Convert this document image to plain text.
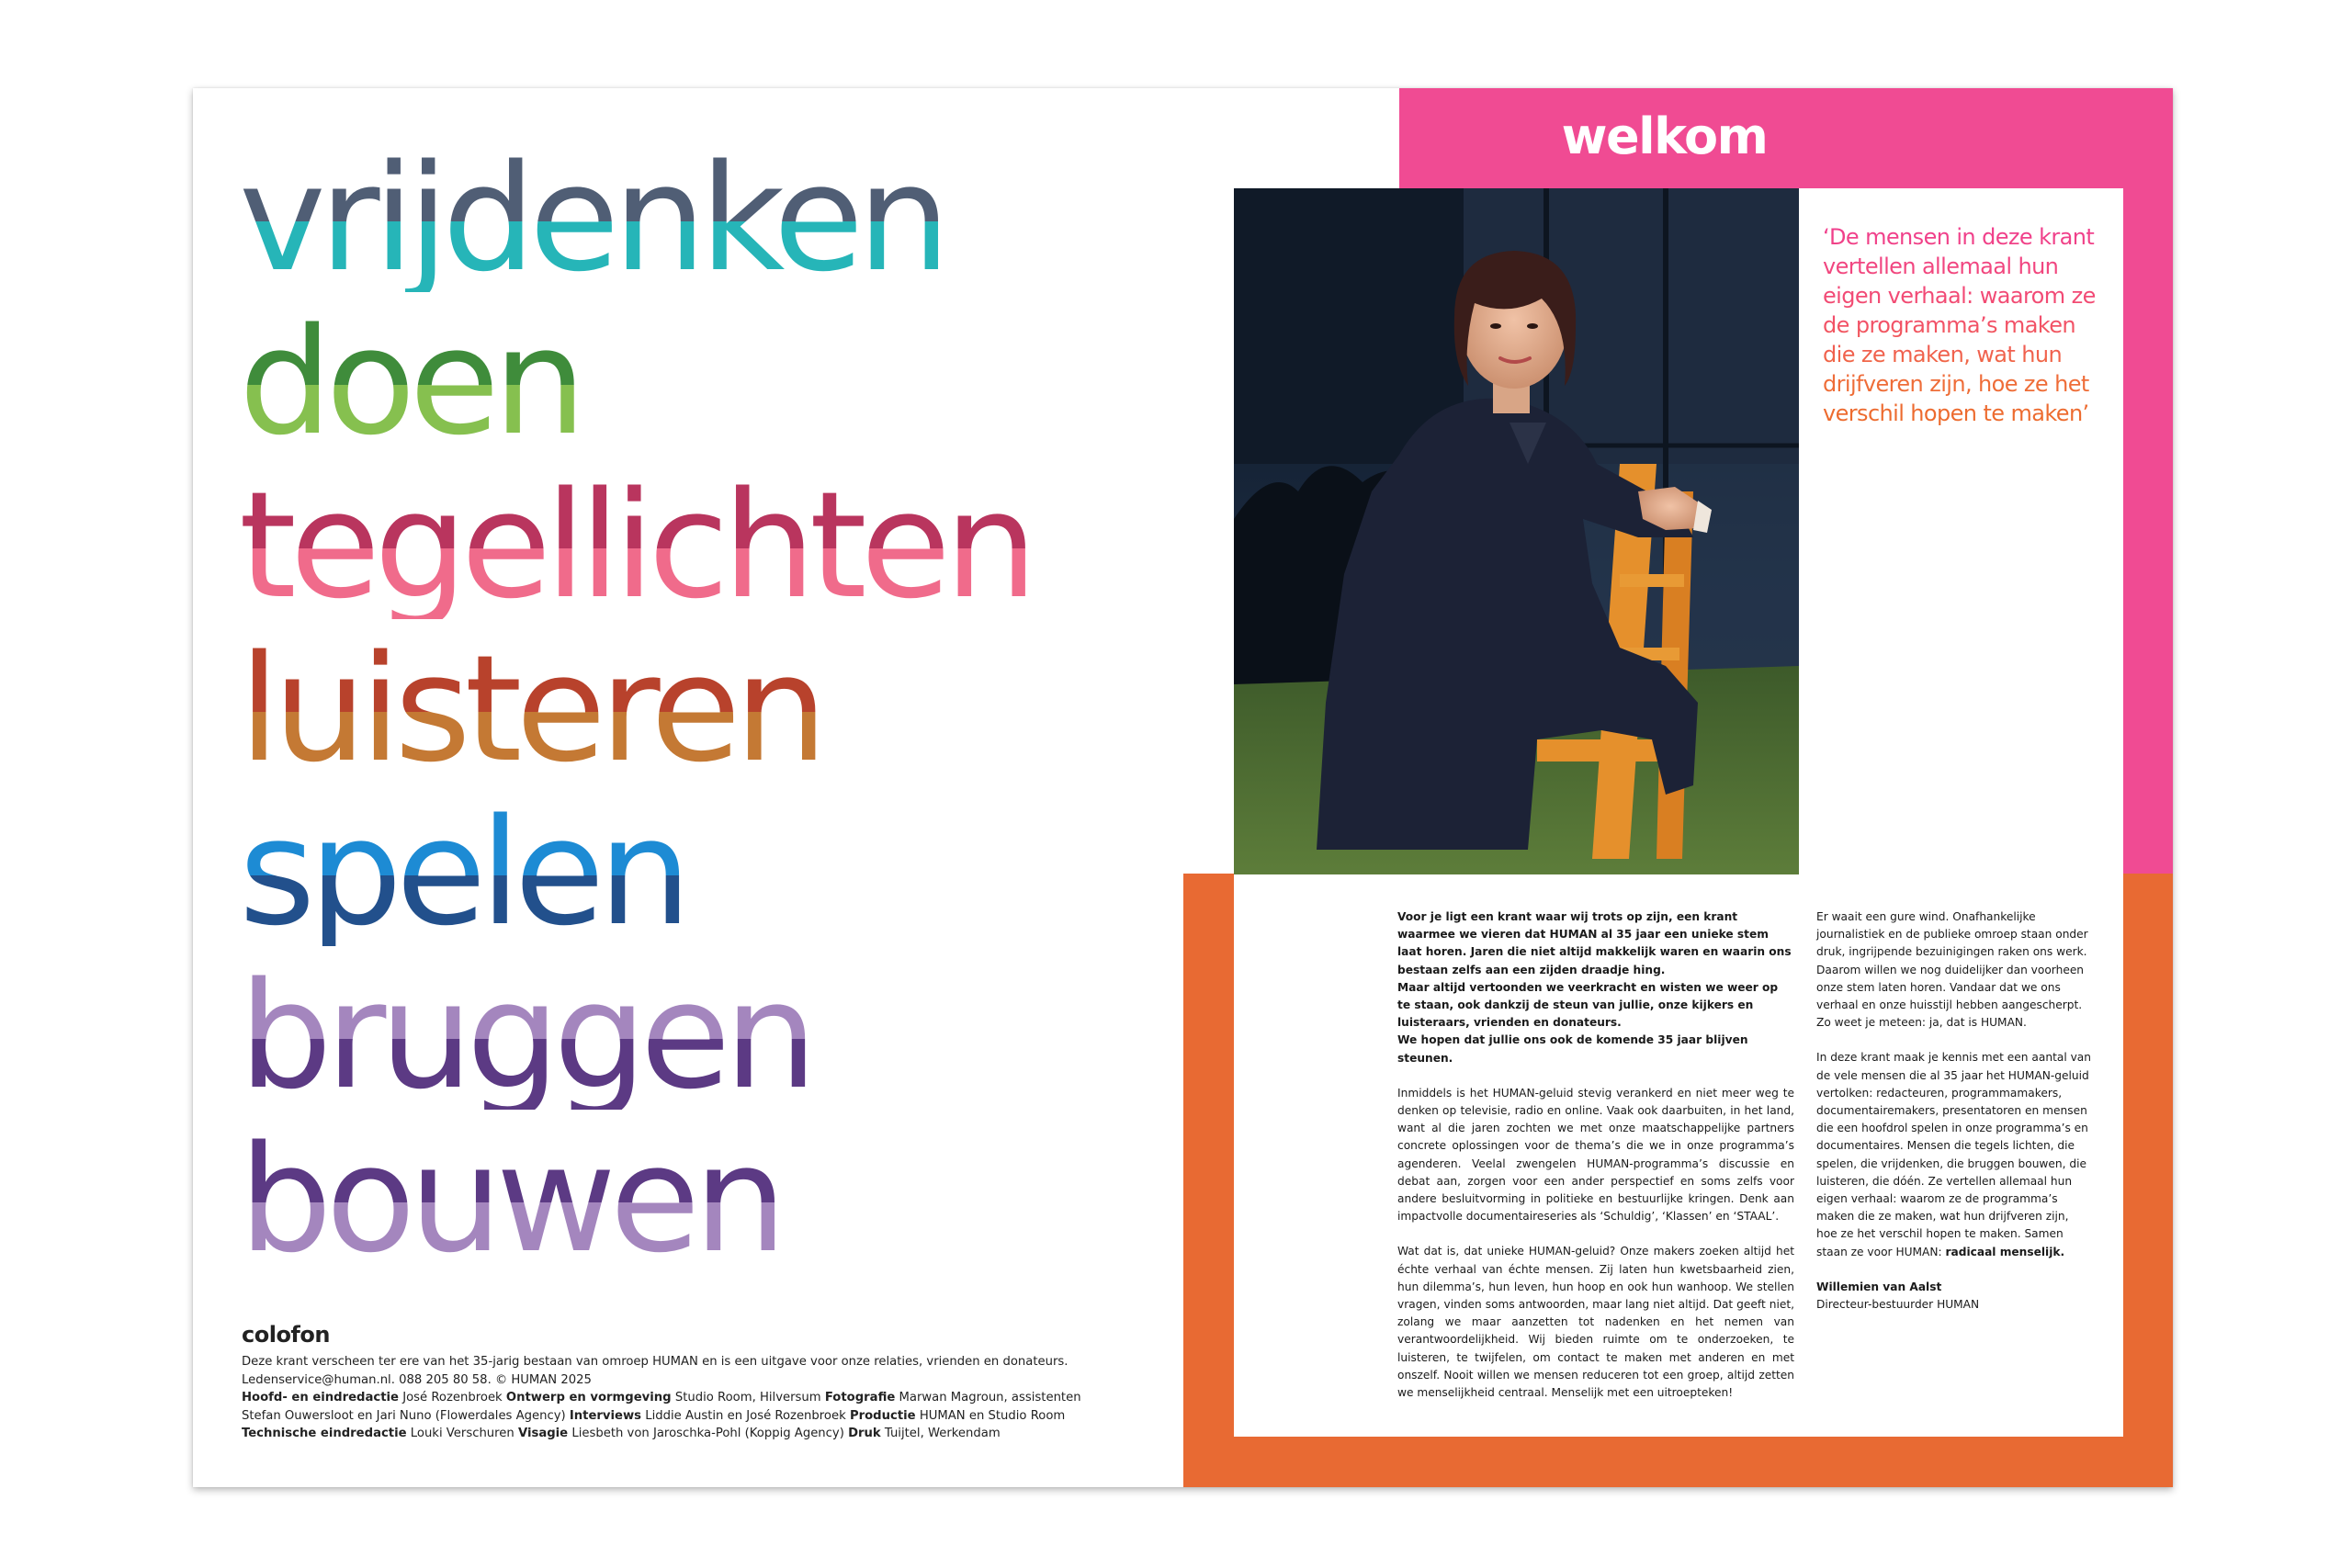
vrijdenken
doen
tegellichten
luisteren
spelen
bruggen
bouwen
colofon

Deze krant verscheen ter ere van het 35-jarig bestaan van omroep HUMAN en is een uitgave voor onze relaties, vrienden en donateurs.

Ledenservice@human.nl. 088 205 80 58. © HUMAN 2025

Hoofd- en eindredactie José Rozenbroek Ontwerp en vormgeving Studio Room, Hilversum Fotografie Marwan Magroun, assistenten Stefan Ouwersloot en Jari Nuno (Flowerdales Agency) Interviews Liddie Austin en José Rozenbroek Productie HUMAN en Studio Room
Technische eindredactie Louki Verschuren Visagie Liesbeth von Jaroschka-Pohl (Koppig Agency) Druk Tuijtel, Werkendam

welkom
‘De mensen in deze krant vertellen allemaal hun eigen verhaal: waarom ze de programma’s maken die ze maken, wat hun drijfveren zijn, hoe ze het verschil hopen te maken’

Voor je ligt een krant waar wij trots op zijn, een krant waarmee we vieren dat HUMAN al 35 jaar een unieke stem laat horen. Jaren die niet altijd makkelijk waren en waarin ons bestaan zelfs aan een zijden draadje hing.
Maar altijd vertoonden we veerkracht en wisten we weer op te staan, ook dankzij de steun van jullie, onze kijkers en luisteraars, vrienden en donateurs.
We hopen dat jullie ons ook de komende 35 jaar blijven steunen.

Inmiddels is het HUMAN-geluid stevig verankerd en niet meer weg te denken op televisie, radio en online. Vaak ook daarbuiten, in het land, want al die jaren zochten we met onze maatschappelijke partners concrete oplossingen voor de thema’s die we in onze programma’s agenderen. Veelal zwengelen HUMAN-programma’s discussie en debat aan, zorgen voor een ander perspectief en soms zelfs voor andere besluitvorming in politieke en bestuurlijke kringen. Denk aan impactvolle documentaireseries als ‘Schuldig’, ‘Klassen’ en ‘STAAL’.

Wat dat is, dat unieke HUMAN-geluid? Onze makers zoeken altijd het échte verhaal van échte mensen. Zij laten hun kwetsbaarheid zien, hun dilemma’s, hun leven, hun hoop en ook hun wanhoop. We stellen vragen, vinden soms antwoorden, maar lang niet altijd. Dat geeft niet, zolang we maar aanzetten tot nadenken en het nemen van verantwoordelijkheid. Wij bieden ruimte om te onderzoeken, te luisteren, te twijfelen, om contact te maken met anderen en met onszelf. Nooit willen we mensen reduceren tot een groep, altijd zetten we menselijkheid centraal. Menselijk met een uitroepteken!

Er waait een gure wind. Onafhankelijke journalistiek en de publieke omroep staan onder druk, ingrijpende bezuinigingen raken ons werk. Daarom willen we nog duidelijker dan voorheen onze stem laten horen. Vandaar dat we ons verhaal en onze huisstijl hebben aangescherpt. Zo weet je meteen: ja, dat is HUMAN.

In deze krant maak je kennis met een aantal van de vele mensen die al 35 jaar het HUMAN-geluid vertolken: redacteuren, programmamakers, documentairemakers, presentatoren en mensen die een hoofdrol spelen in onze programma’s en documentaires. Mensen die tegels lichten, die spelen, die vrijdenken, die bruggen bouwen, die luisteren, die dóén. Ze vertellen allemaal hun eigen verhaal: waarom ze de programma’s maken die ze maken, wat hun drijfveren zijn, hoe ze het verschil hopen te maken. Samen staan ze voor HUMAN: radicaal menselijk.

Willemien van Aalst
Directeur-bestuurder HUMAN
